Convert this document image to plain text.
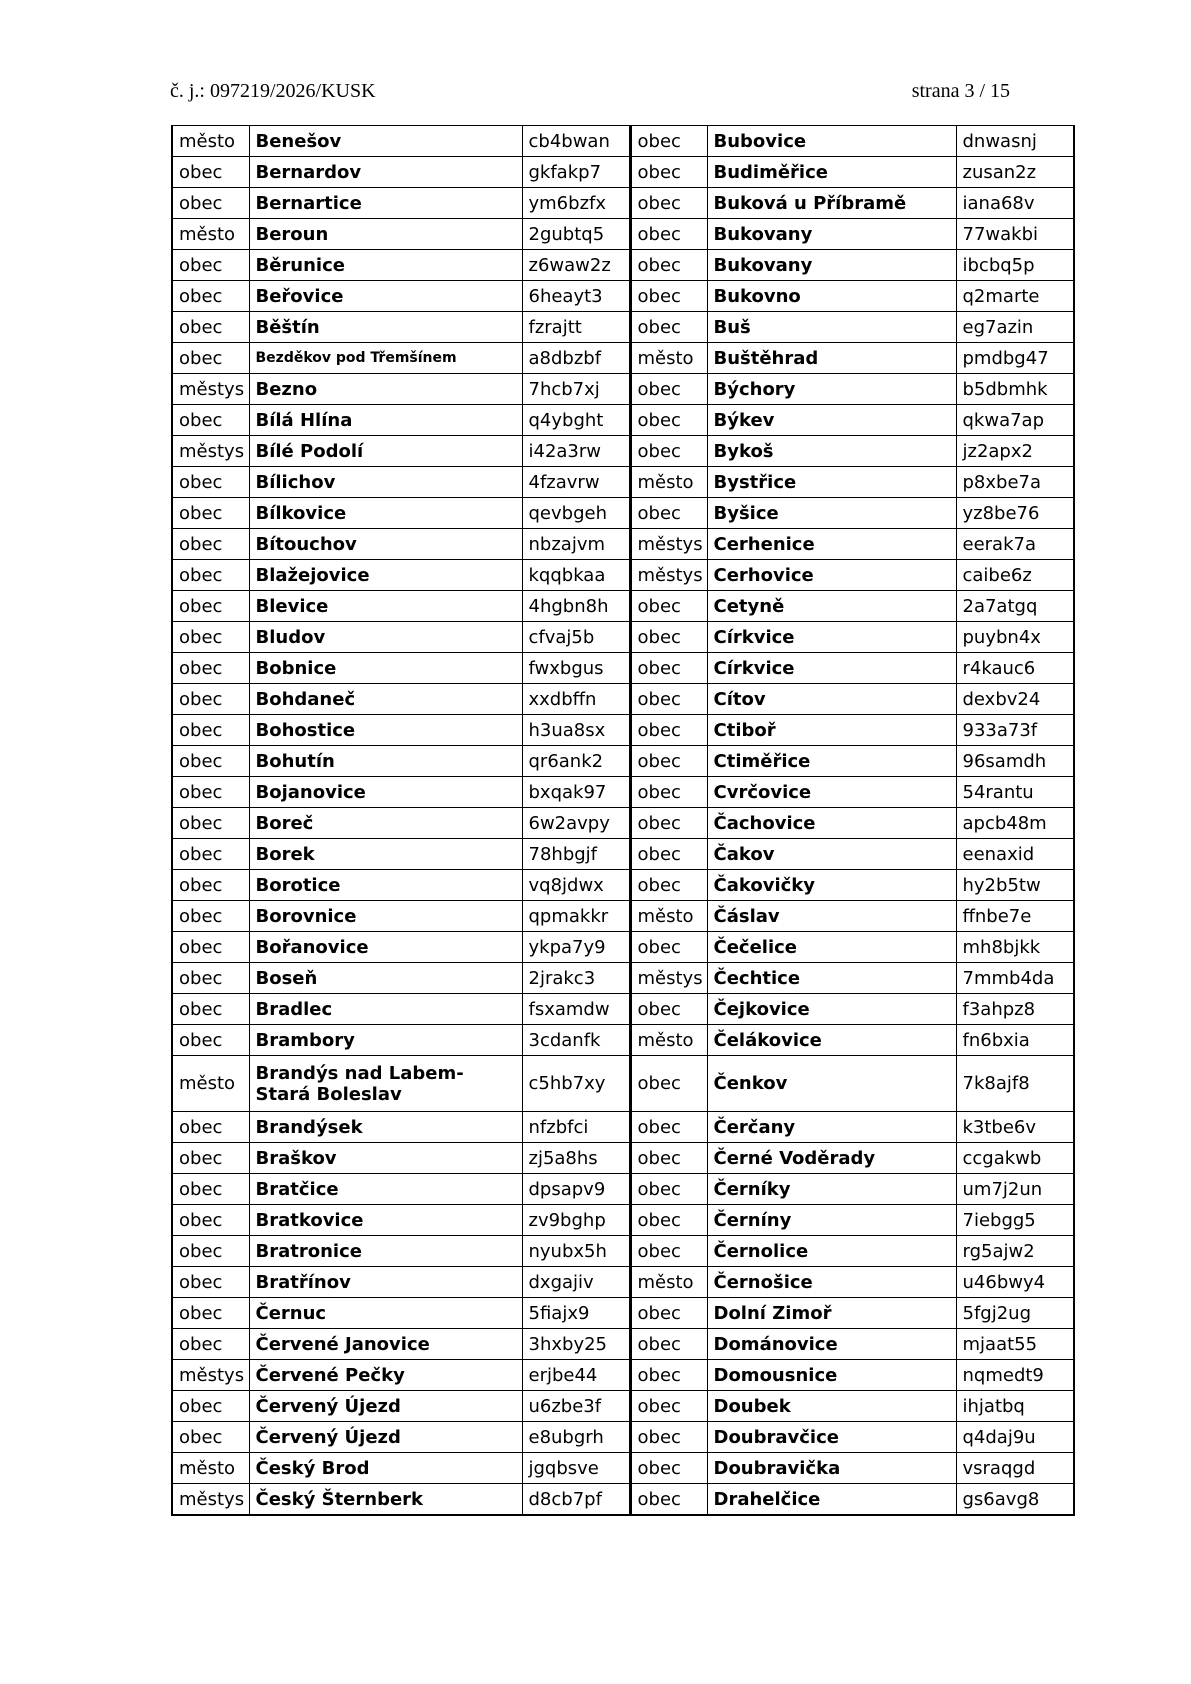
č. j.: 097219/2026/KUSK	strana 3 / 15
město	Benešov	cb4bwan	obec	Bubovice	dnwasnj
obec	Bernardov	gkfakp7	obec	Budiměřice	zusan2z
obec	Bernartice	ym6bzfx	obec	Buková u Příbramě	iana68v
město	Beroun	2gubtq5	obec	Bukovany	77wakbi
obec	Běrunice	z6waw2z	obec	Bukovany	ibcbq5p
obec	Beřovice	6heayt3	obec	Bukovno	q2marte
obec	Běštín	fzrajtt	obec	Buš	eg7azin
obec	Bezděkov pod Třemšínem	a8dbzbf	město	Buštěhrad	pmdbg47
městys	Bezno	7hcb7xj	obec	Býchory	b5dbmhk
obec	Bílá Hlína	q4ybght	obec	Býkev	qkwa7ap
městys	Bílé Podolí	i42a3rw	obec	Bykoš	jz2apx2
obec	Bílichov	4fzavrw	město	Bystřice	p8xbe7a
obec	Bílkovice	qevbgeh	obec	Byšice	yz8be76
obec	Bítouchov	nbzajvm	městys	Cerhenice	eerak7a
obec	Blažejovice	kqqbkaa	městys	Cerhovice	caibe6z
obec	Blevice	4hgbn8h	obec	Cetyně	2a7atgq
obec	Bludov	cfvaj5b	obec	Církvice	puybn4x
obec	Bobnice	fwxbgus	obec	Církvice	r4kauc6
obec	Bohdaneč	xxdbffn	obec	Cítov	dexbv24
obec	Bohostice	h3ua8sx	obec	Ctiboř	933a73f
obec	Bohutín	qr6ank2	obec	Ctiměřice	96samdh
obec	Bojanovice	bxqak97	obec	Cvrčovice	54rantu
obec	Boreč	6w2avpy	obec	Čachovice	apcb48m
obec	Borek	78hbgjf	obec	Čakov	eenaxid
obec	Borotice	vq8jdwx	obec	Čakovičky	hy2b5tw
obec	Borovnice	qpmakkr	město	Čáslav	ffnbe7e
obec	Bořanovice	ykpa7y9	obec	Čečelice	mh8bjkk
obec	Boseň	2jrakc3	městys	Čechtice	7mmb4da
obec	Bradlec	fsxamdw	obec	Čejkovice	f3ahpz8
obec	Brambory	3cdanfk	město	Čelákovice	fn6bxia
město	Brandýs nad Labem-Stará Boleslav	c5hb7xy	obec	Čenkov	7k8ajf8
obec	Brandýsek	nfzbfci	obec	Čerčany	k3tbe6v
obec	Braškov	zj5a8hs	obec	Černé Voděrady	ccgakwb
obec	Bratčice	dpsapv9	obec	Černíky	um7j2un
obec	Bratkovice	zv9bghp	obec	Černíny	7iebgg5
obec	Bratronice	nyubx5h	obec	Černolice	rg5ajw2
obec	Bratřínov	dxgajiv	město	Černošice	u46bwy4
obec	Černuc	5fiajx9	obec	Dolní Zimoř	5fgj2ug
obec	Červené Janovice	3hxby25	obec	Dománovice	mjaat55
městys	Červené Pečky	erjbe44	obec	Domousnice	nqmedt9
obec	Červený Újezd	u6zbe3f	obec	Doubek	ihjatbq
obec	Červený Újezd	e8ubgrh	obec	Doubravčice	q4daj9u
město	Český Brod	jgqbsve	obec	Doubravička	vsraqgd
městys	Český Šternberk	d8cb7pf	obec	Drahelčice	gs6avg8
